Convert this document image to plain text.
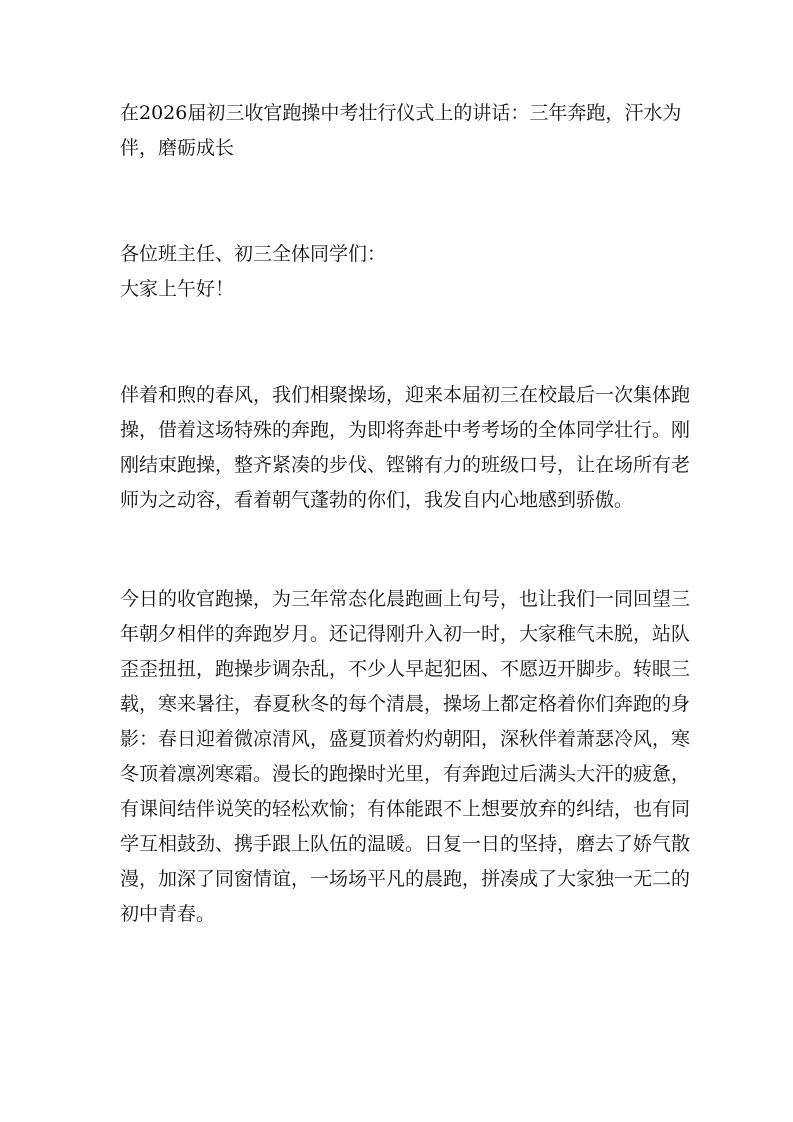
在2026届初三收官跑操中考壮行仪式上的讲话：三年奔跑，汗水为
伴，磨砺成长
各位班主任、初三全体同学们：
大家上午好！
伴着和煦的春风，我们相聚操场，迎来本届初三在校最后一次集体跑
操，借着这场特殊的奔跑，为即将奔赴中考考场的全体同学壮行。刚
刚结束跑操，整齐紧凑的步伐、铿锵有力的班级口号，让在场所有老
师为之动容，看着朝气蓬勃的你们，我发自内心地感到骄傲。
今日的收官跑操，为三年常态化晨跑画上句号，也让我们一同回望三
年朝夕相伴的奔跑岁月。还记得刚升入初一时，大家稚气未脱，站队
歪歪扭扭，跑操步调杂乱，不少人早起犯困、不愿迈开脚步。转眼三
载，寒来暑往，春夏秋冬的每个清晨，操场上都定格着你们奔跑的身
影：春日迎着微凉清风，盛夏顶着灼灼朝阳，深秋伴着萧瑟冷风，寒
冬顶着凛冽寒霜。漫长的跑操时光里，有奔跑过后满头大汗的疲惫，
有课间结伴说笑的轻松欢愉；有体能跟不上想要放弃的纠结，也有同
学互相鼓劲、携手跟上队伍的温暖。日复一日的坚持，磨去了娇气散
漫，加深了同窗情谊，一场场平凡的晨跑，拼凑成了大家独一无二的
初中青春。
